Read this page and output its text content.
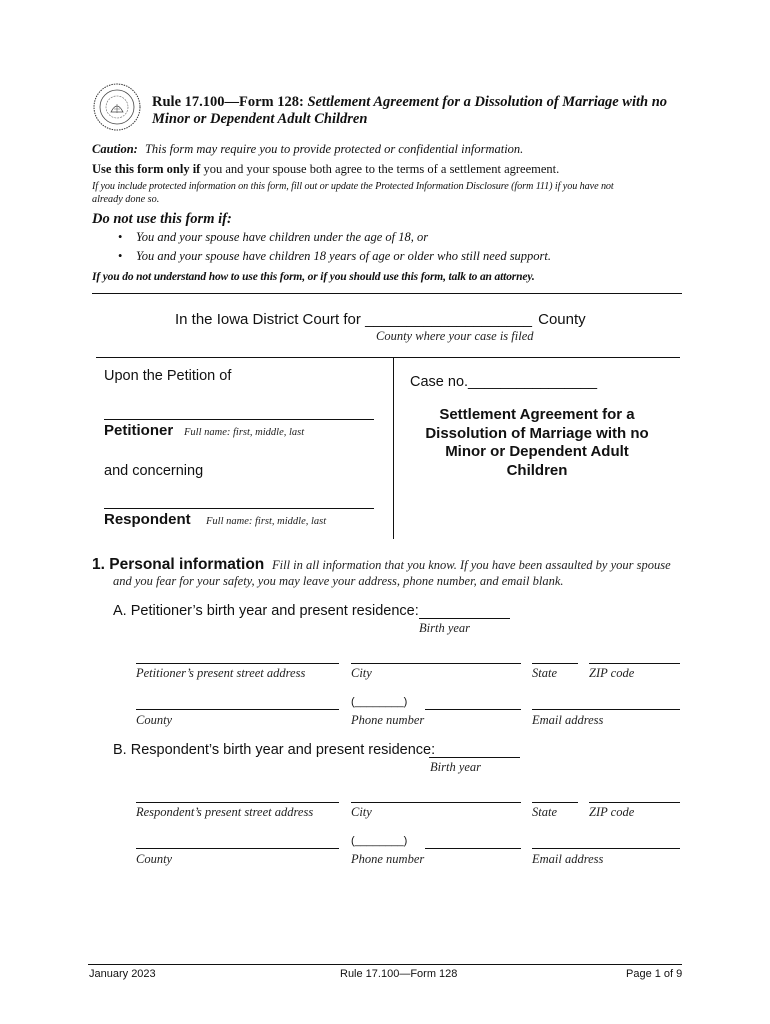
Rule 17.100—Form 128: Settlement Agreement for a Dissolution of Marriage with no
Minor or Dependent Adult Children
Caution: This form may require you to provide protected or confidential information.
Use this form only if you and your spouse both agree to the terms of a settlement agreement.
If you include protected information on this form, fill out or update the Protected Information Disclosure (form 111) if you have not
already done so.
Do not use this form if:
• You and your spouse have children under the age of 18, or
• You and your spouse have children 18 years of age or older who still need support.
If you do not understand how to use this form, or if you should use this form, talk to an attorney.
In the Iowa District Court for ____________________ County
County where your case is filed
Upon the Petition of
Petitioner Full name: first, middle, last
and concerning
Respondent Full name: first, middle, last
Case no.________________
Settlement Agreement for a
Dissolution of Marriage with no
Minor or Dependent Adult
Children
1. Personal information Fill in all information that you know. If you have been assaulted by your spouse
and you fear for your safety, you may leave your address, phone number, and email blank.
A. Petitioner’s birth year and present residence:
Birth year
Petitioner’s present street address	City	State	ZIP code
(________)
County	Phone number	Email address
B. Respondent’s birth year and present residence:
Birth year
Respondent’s present street address	City	State	ZIP code
(________)
County	Phone number	Email address
January 2023	Rule 17.100—Form 128	Page 1 of 9
